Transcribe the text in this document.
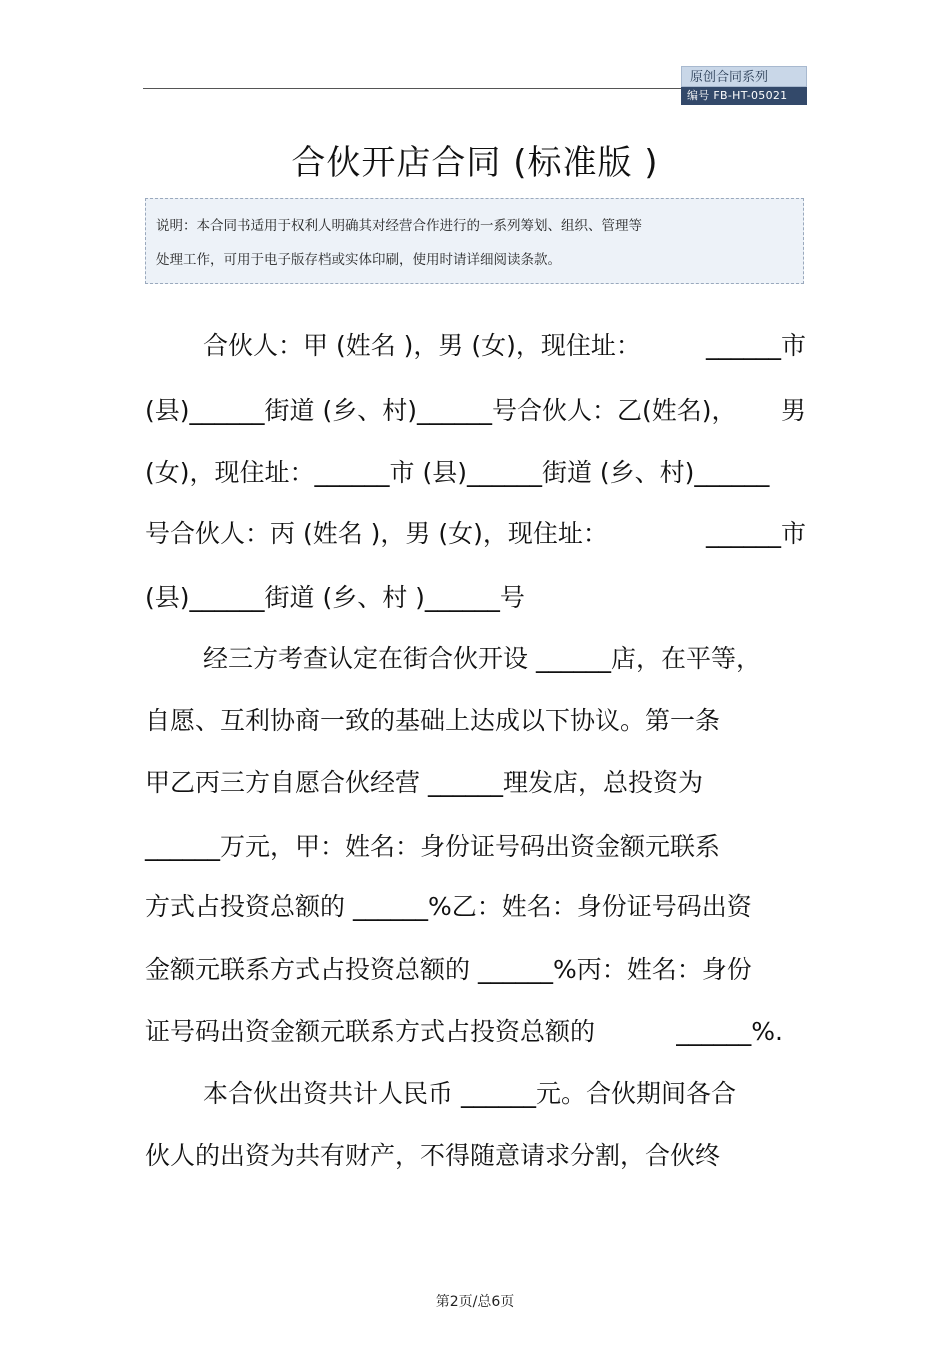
原创合同系列
编号 FB-HT-05021
合伙开店合同 (标准版 )
说明：本合同书适用于权利人明确其对经营合作进行的一系列筹划、组织、管理等
处理工作，可用于电子版存档或实体印刷，使用时请详细阅读条款。
合伙人：甲 (姓名 )，男 (女)，现住址：	______市
(县)______街道 (乡、村)______号合伙人：乙(姓名)， 男
(女)，现住址：______市 (县)______街道 (乡、村)______
号合伙人：丙 (姓名 )，男 (女)，现住址：	______市
(县)______街道 (乡、村 )______号
经三方考查认定在街合伙开设 ______店，在平等，
自愿、互利协商一致的基础上达成以下协议。第一条
甲乙丙三方自愿合伙经营 ______理发店，总投资为
______万元，甲：姓名：身份证号码出资金额元联系
方式占投资总额的 ______%乙：姓名：身份证号码出资
金额元联系方式占投资总额的 ______%丙：姓名：身份
证号码出资金额元联系方式占投资总额的	______%.
本合伙出资共计人民币 ______元。合伙期间各合
伙人的出资为共有财产，不得随意请求分割，合伙终
第2页/总6页
